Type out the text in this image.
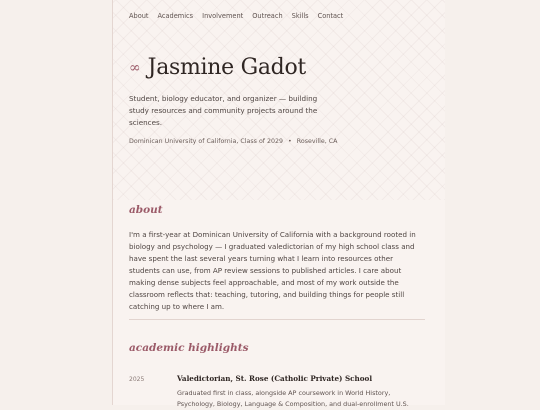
About Academics Involvement Outreach Skills Contact
∞ Jasmine Gadot
Student, biology educator, and organizer — building study resources and community projects around the sciences.
Dominican University of California, Class of 2029 • Roseville, CA
about
I'm a first-year at Dominican University of California with a background rooted in biology and psychology — I graduated valedictorian of my high school class and have spent the last several years turning what I learn into resources other students can use, from AP review sessions to published articles. I care about making dense subjects feel approachable, and most of my work outside the classroom reflects that: teaching, tutoring, and building things for people still catching up to where I am.
academic highlights
2025	Valedictorian, St. Rose (Catholic Private) School
Graduated first in class, alongside AP coursework in World History, Psychology, Biology, Language & Composition, and dual-enrollment U.S.
